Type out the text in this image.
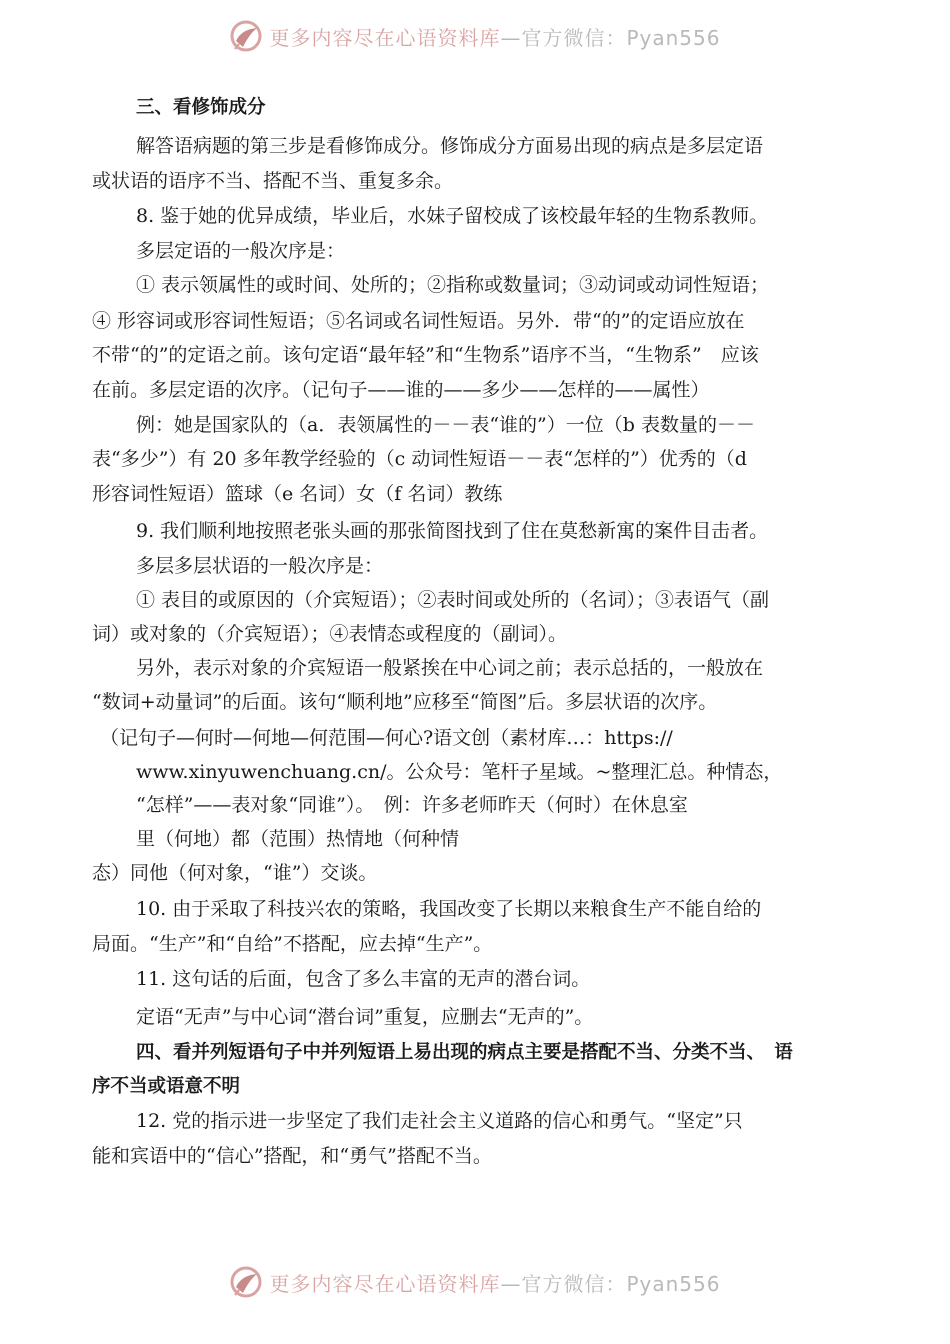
更多内容尽在心语资料库—官方微信：Pyan556
三、看修饰成分
解答语病题的第三步是看修饰成分。修饰成分方面易出现的病点是多层定语
或状语的语序不当、搭配不当、重复多余。
8. 鉴于她的优异成绩，毕业后，水妹子留校成了该校最年轻的生物系教师。
多层定语的一般次序是：
① 表示领属性的或时间、处所的；②指称或数量词；③动词或动词性短语；
④ 形容词或形容词性短语；⑤名词或名词性短语。另外．带“的”的定语应放在
不带“的”的定语之前。该句定语“最年轻”和“生物系”语序不当，“生物系”　应该
在前。多层定语的次序。（记句子——谁的——多少——怎样的——属性）
例：她是国家队的（a．表领属性的－－表“谁的”）一位（b 表数量的－－
表“多少”）有 20 多年教学经验的（c 动词性短语－－表“怎样的”）优秀的（d
形容词性短语）篮球（e 名词）女（f 名词）教练
9. 我们顺利地按照老张头画的那张简图找到了住在莫愁新寓的案件目击者。
多层多层状语的一般次序是：
① 表目的或原因的（介宾短语）；②表时间或处所的（名词）；③表语气（副
词）或对象的（介宾短语）；④表情态或程度的（副词）。
另外，表示对象的介宾短语一般紧挨在中心词之前；表示总括的，一般放在
“数词+动量词”的后面。该句“顺利地”应移至“简图”后。多层状语的次序。
（记句子—何时—何地—何范围—何心?语文创（素材库…：https://
www.xinyuwenchuang.cn/。公众号：笔杆子星域。~整理汇总。种情态，
“怎样”——表对象“同谁”）。　例：许多老师昨天（何时）在休息室
里（何地）都（范围）热情地（何种情
态）同他（何对象，“谁”）交谈。
10. 由于采取了科技兴农的策略，我国改变了长期以来粮食生产不能自给的
局面。“生产”和“自给”不搭配，应去掉“生产”。
11. 这句话的后面，包含了多么丰富的无声的潜台词。
定语“无声”与中心词“潜台词”重复，应删去“无声的”。
四、看并列短语句子中并列短语上易出现的病点主要是搭配不当、分类不当、　语
序不当或语意不明
12. 党的指示进一步坚定了我们走社会主义道路的信心和勇气。“坚定”只
能和宾语中的“信心”搭配，和“勇气”搭配不当。
更多内容尽在心语资料库—官方微信：Pyan556
